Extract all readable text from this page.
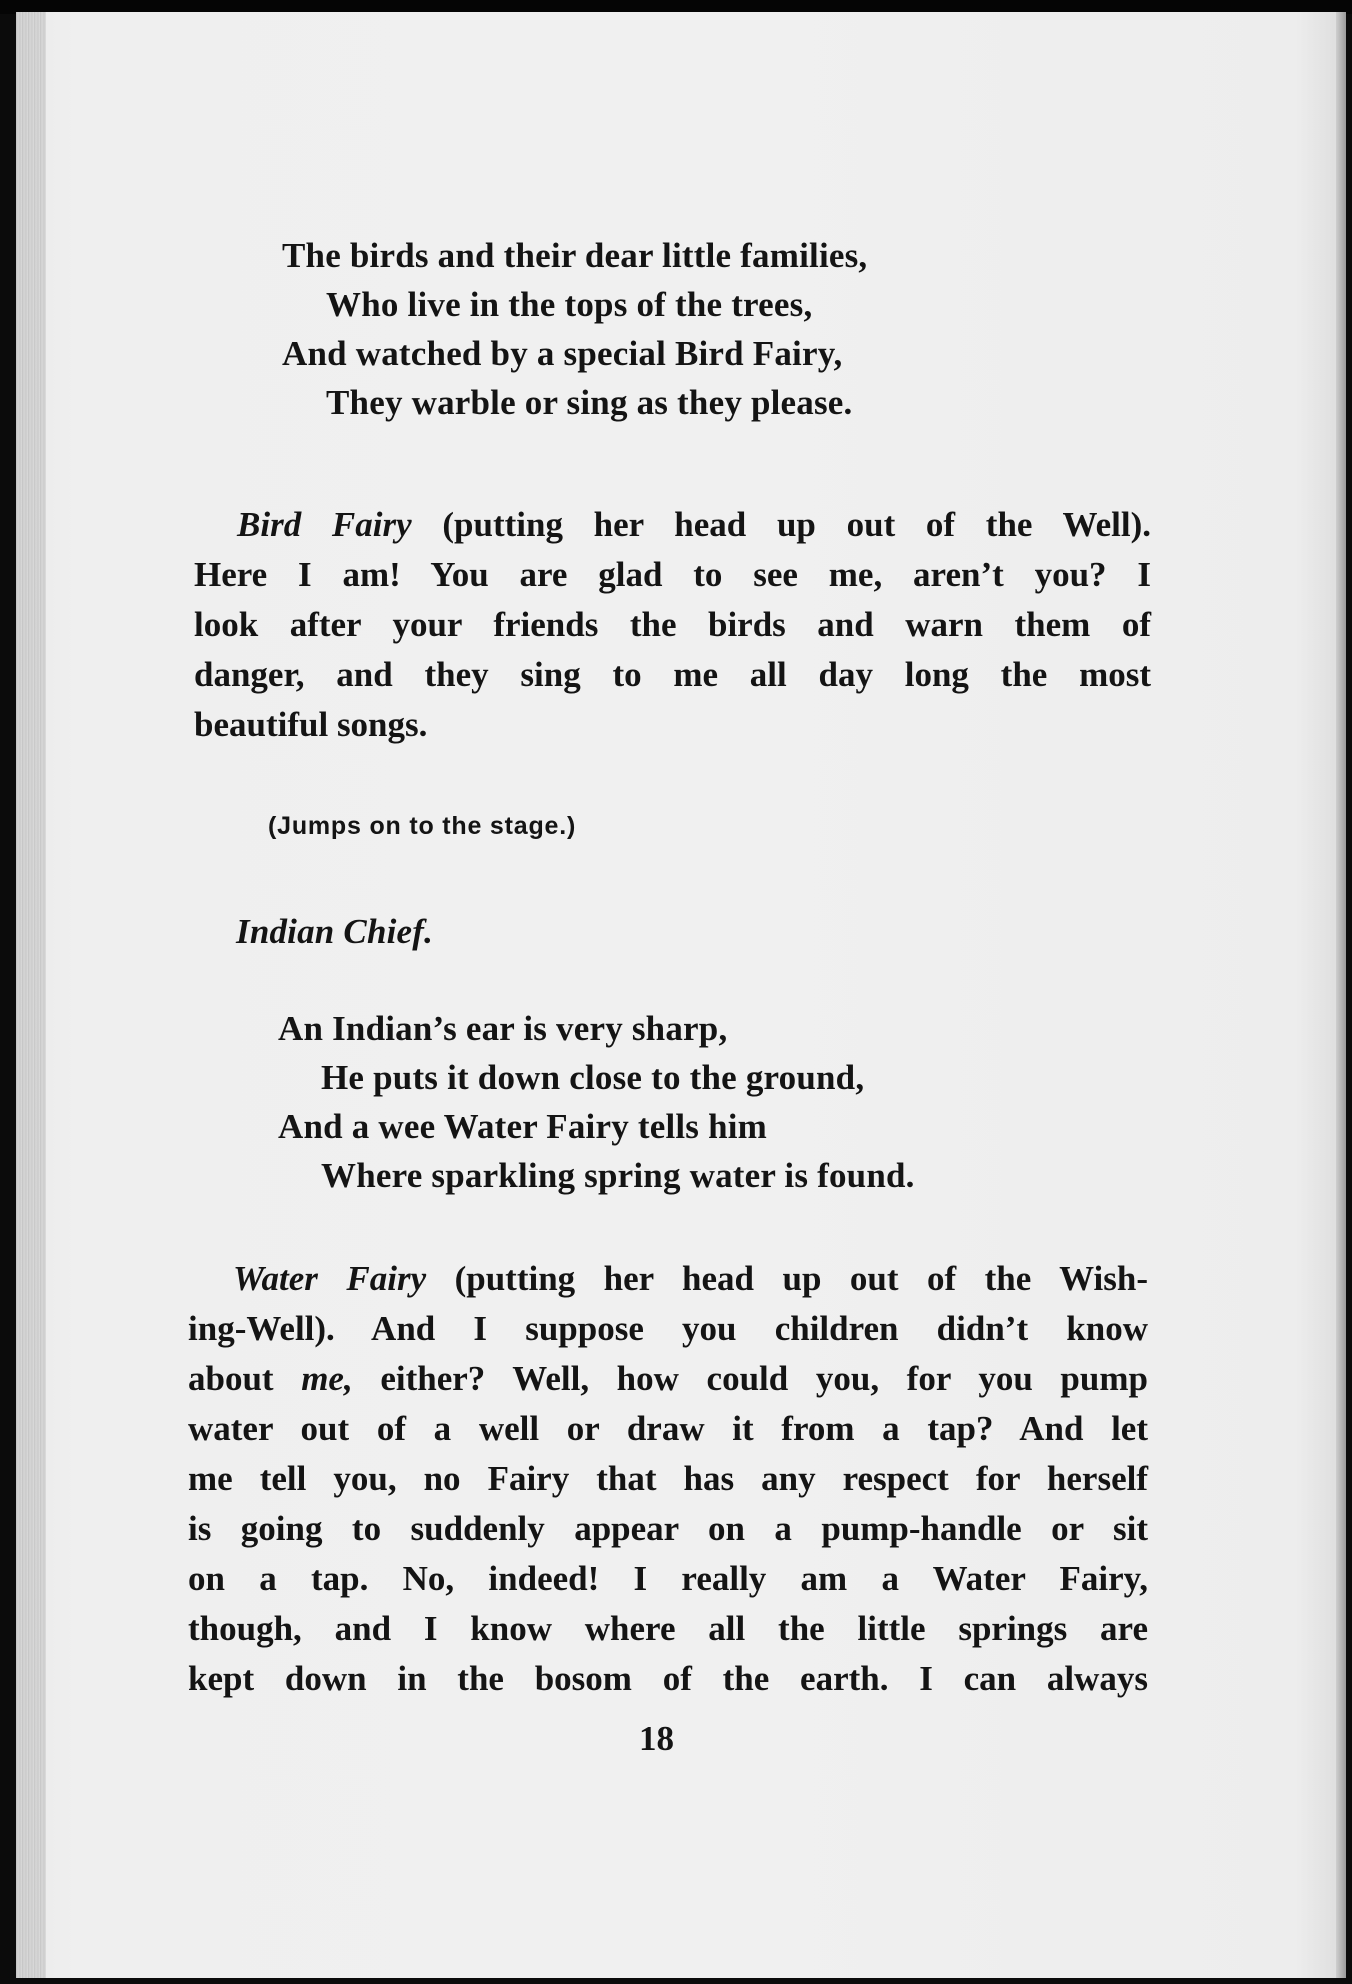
The birds and their dear little families,
Who live in the tops of the trees,
And watched by a special Bird Fairy,
They warble or sing as they please.
Bird Fairy (putting her head up out of the Well).
Here I am! You are glad to see me, aren’t you? I
look after your friends the birds and warn them of
danger, and they sing to me all day long the most
beautiful songs.
(Jumps on to the stage.)
Indian Chief.
An Indian’s ear is very sharp,
He puts it down close to the ground,
And a wee Water Fairy tells him
Where sparkling spring water is found.
Water Fairy (putting her head up out of the Wish-
ing-Well). And I suppose you children didn’t know
about me, either? Well, how could you, for you pump
water out of a well or draw it from a tap? And let
me tell you, no Fairy that has any respect for herself
is going to suddenly appear on a pump-handle or sit
on a tap. No, indeed! I really am a Water Fairy,
though, and I know where all the little springs are
kept down in the bosom of the earth. I can always
18
